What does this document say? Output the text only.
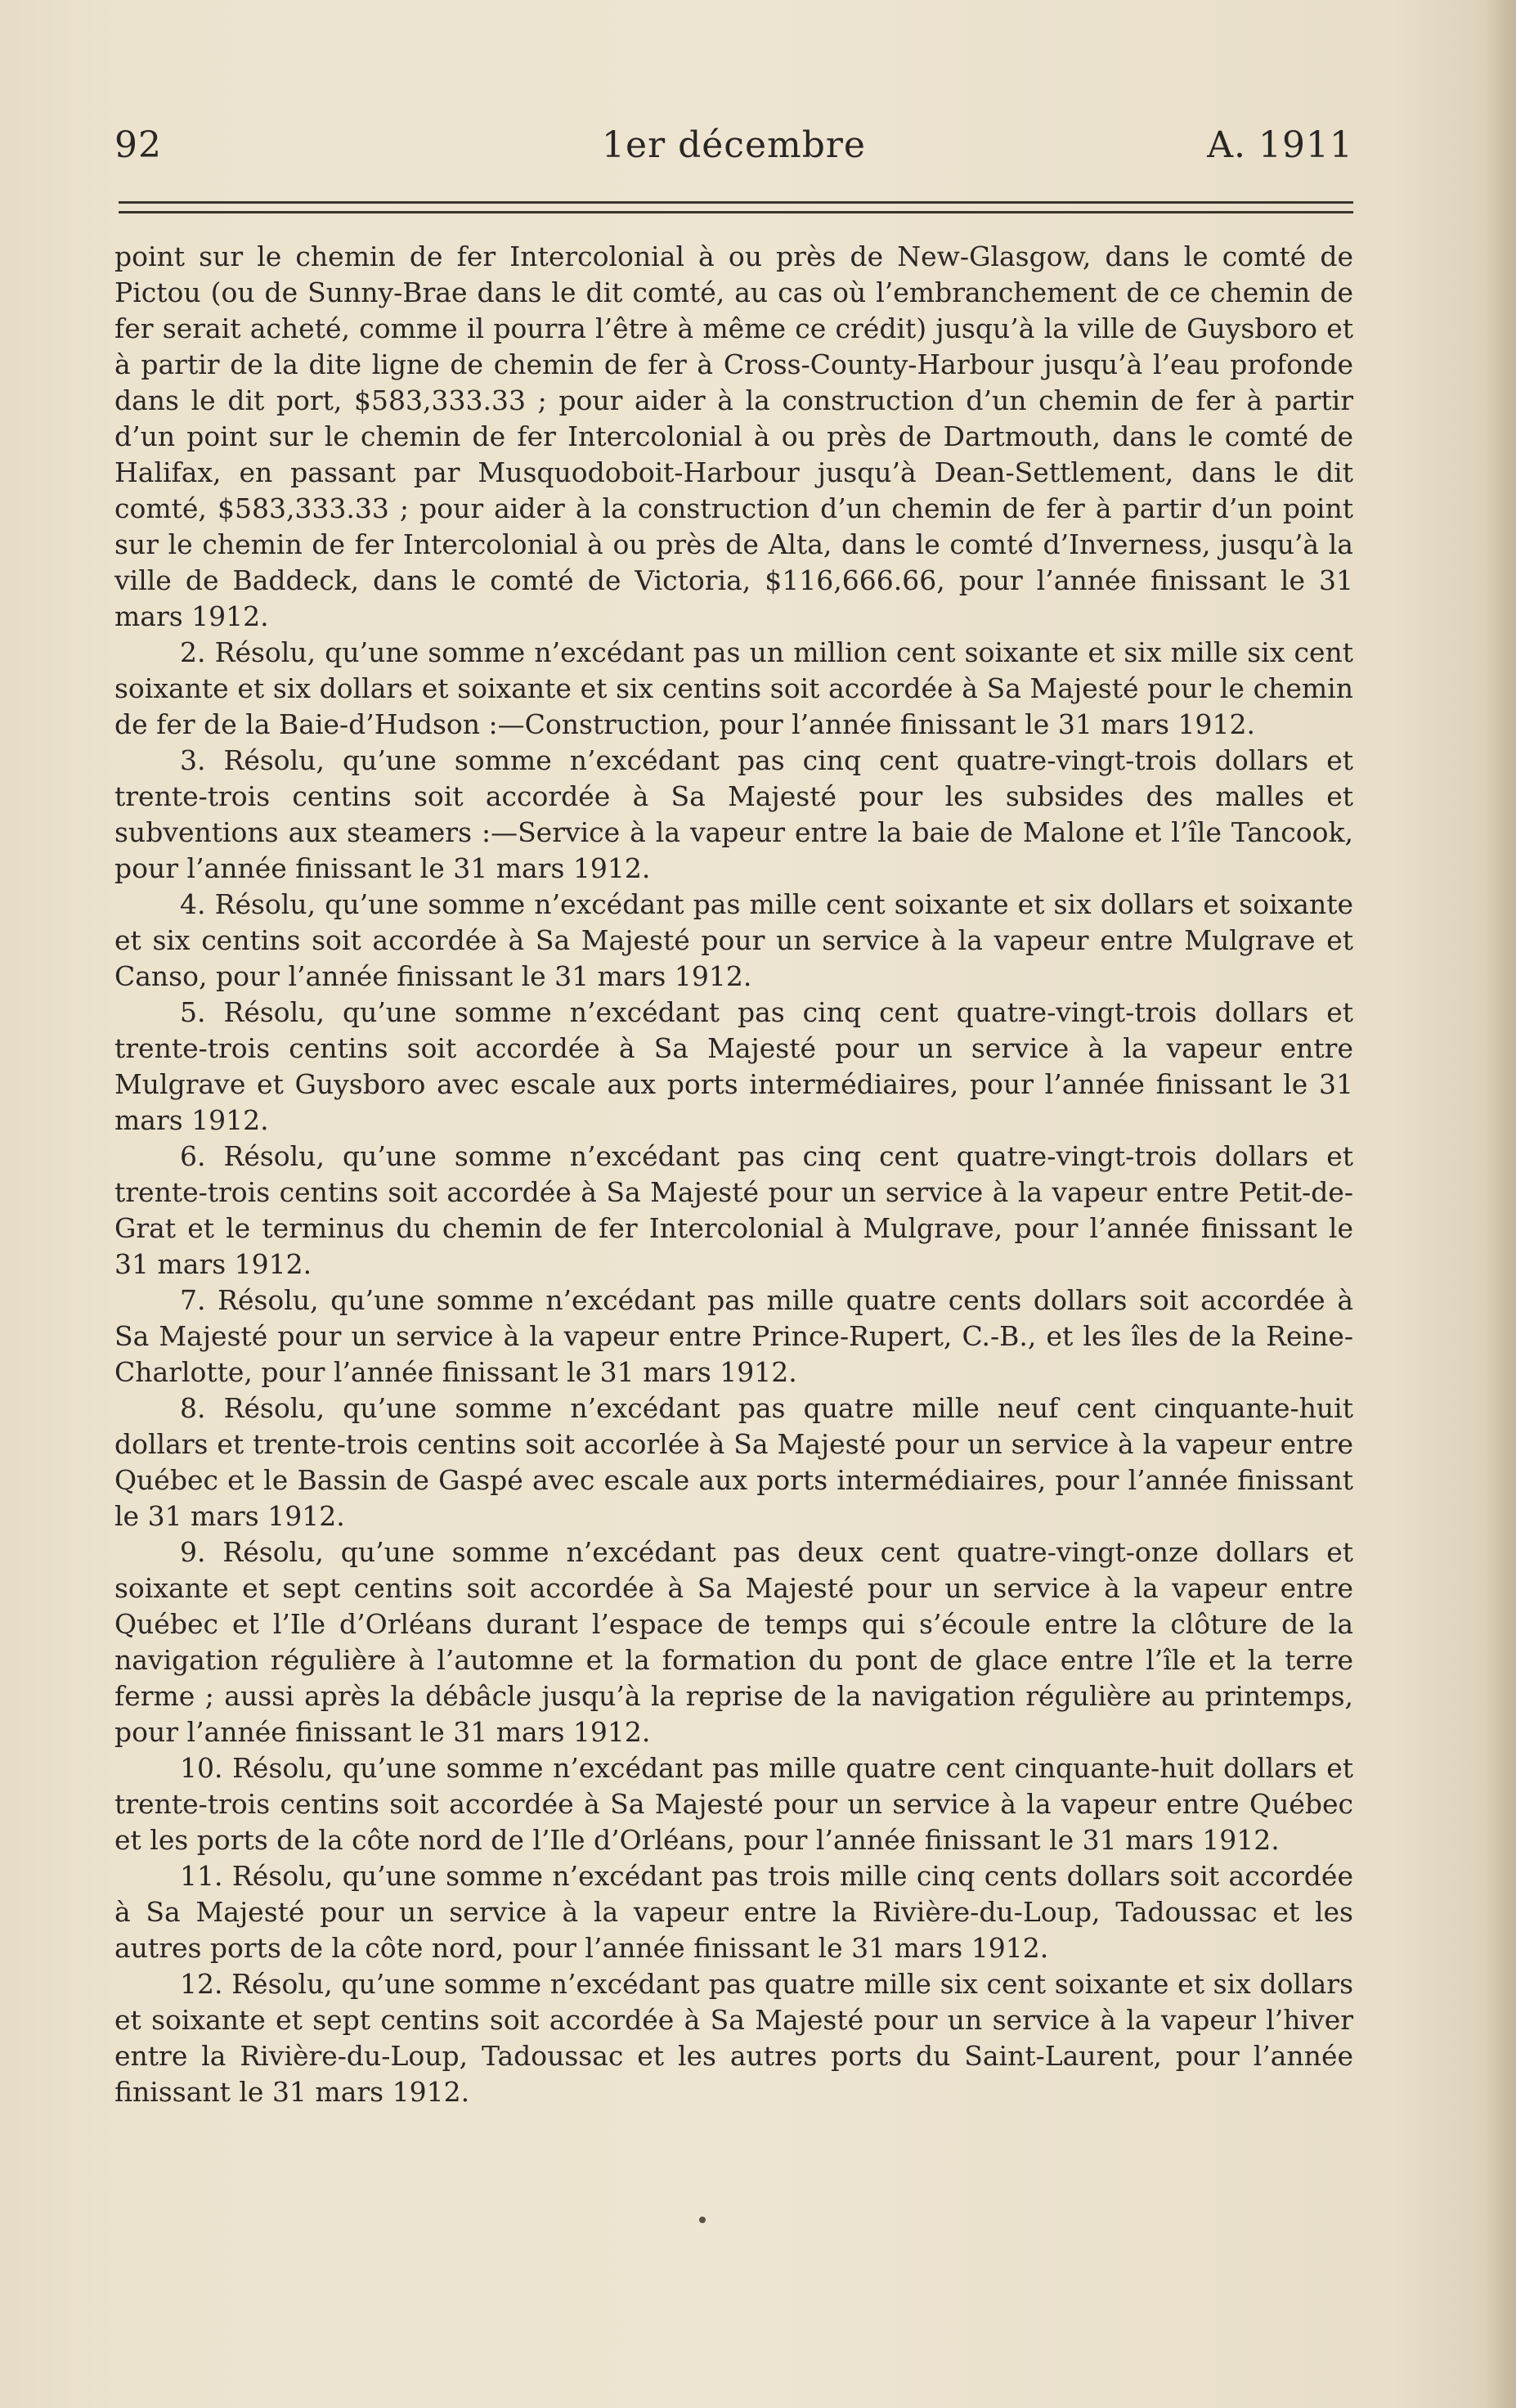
92	1er décembre	A. 1911

point sur le chemin de fer Intercolonial à ou près de New-Glasgow, dans le comté de Pictou (ou de Sunny-Brae dans le dit comté, au cas où l’embranchement de ce chemin de fer serait acheté, comme il pourra l’être à même ce crédit) jusqu’à la ville de Guysboro et à partir de la dite ligne de chemin de fer à Cross-County-Harbour jusqu’à l’eau profonde dans le dit port, $583,333.33 ; pour aider à la construction d’un chemin de fer à partir d’un point sur le chemin de fer Intercolonial à ou près de Dartmouth, dans le comté de Halifax, en passant par Musquodoboit-Harbour jusqu’à Dean-Settlement, dans le dit comté, $583,333.33 ; pour aider à la construction d’un chemin de fer à partir d’un point sur le chemin de fer Intercolonial à ou près de Alta, dans le comté d’Inverness, jusqu’à la ville de Baddeck, dans le comté de Victoria, $116,666.66, pour l’année finissant le 31 mars 1912.

2. Résolu, qu’une somme n’excédant pas un million cent soixante et six mille six cent soixante et six dollars et soixante et six centins soit accordée à Sa Majesté pour le chemin de fer de la Baie-d’Hudson :—Construction, pour l’année finissant le 31 mars 1912.

3. Résolu, qu’une somme n’excédant pas cinq cent quatre-vingt-trois dollars et trente-trois centins soit accordée à Sa Majesté pour les subsides des malles et subventions aux steamers :—Service à la vapeur entre la baie de Malone et l’île Tancook, pour l’année finissant le 31 mars 1912.

4. Résolu, qu’une somme n’excédant pas mille cent soixante et six dollars et soixante et six centins soit accordée à Sa Majesté pour un service à la vapeur entre Mulgrave et Canso, pour l’année finissant le 31 mars 1912.

5. Résolu, qu’une somme n’excédant pas cinq cent quatre-vingt-trois dollars et trente-trois centins soit accordée à Sa Majesté pour un service à la vapeur entre Mulgrave et Guysboro avec escale aux ports intermédiaires, pour l’année finissant le 31 mars 1912.

6. Résolu, qu’une somme n’excédant pas cinq cent quatre-vingt-trois dollars et trente-trois centins soit accordée à Sa Majesté pour un service à la vapeur entre Petit-de-Grat et le terminus du chemin de fer Intercolonial à Mulgrave, pour l’année finissant le 31 mars 1912.

7. Résolu, qu’une somme n’excédant pas mille quatre cents dollars soit accordée à Sa Majesté pour un service à la vapeur entre Prince-Rupert, C.-B., et les îles de la Reine-Charlotte, pour l’année finissant le 31 mars 1912.

8. Résolu, qu’une somme n’excédant pas quatre mille neuf cent cinquante-huit dollars et trente-trois centins soit accorlée à Sa Majesté pour un service à la vapeur entre Québec et le Bassin de Gaspé avec escale aux ports intermédiaires, pour l’année finissant le 31 mars 1912.

9. Résolu, qu’une somme n’excédant pas deux cent quatre-vingt-onze dollars et soixante et sept centins soit accordée à Sa Majesté pour un service à la vapeur entre Québec et l’Ile d’Orléans durant l’espace de temps qui s’écoule entre la clôture de la navigation régulière à l’automne et la formation du pont de glace entre l’île et la terre ferme ; aussi après la débâcle jusqu’à la reprise de la navigation régulière au printemps, pour l’année finissant le 31 mars 1912.

10. Résolu, qu’une somme n’excédant pas mille quatre cent cinquante-huit dollars et trente-trois centins soit accordée à Sa Majesté pour un service à la vapeur entre Québec et les ports de la côte nord de l’Ile d’Orléans, pour l’année finissant le 31 mars 1912.

11. Résolu, qu’une somme n’excédant pas trois mille cinq cents dollars soit accordée à Sa Majesté pour un service à la vapeur entre la Rivière-du-Loup, Tadoussac et les autres ports de la côte nord, pour l’année finissant le 31 mars 1912.

12. Résolu, qu’une somme n’excédant pas quatre mille six cent soixante et six dollars et soixante et sept centins soit accordée à Sa Majesté pour un service à la vapeur l’hiver entre la Rivière-du-Loup, Tadoussac et les autres ports du Saint-Laurent, pour l’année finissant le 31 mars 1912.
